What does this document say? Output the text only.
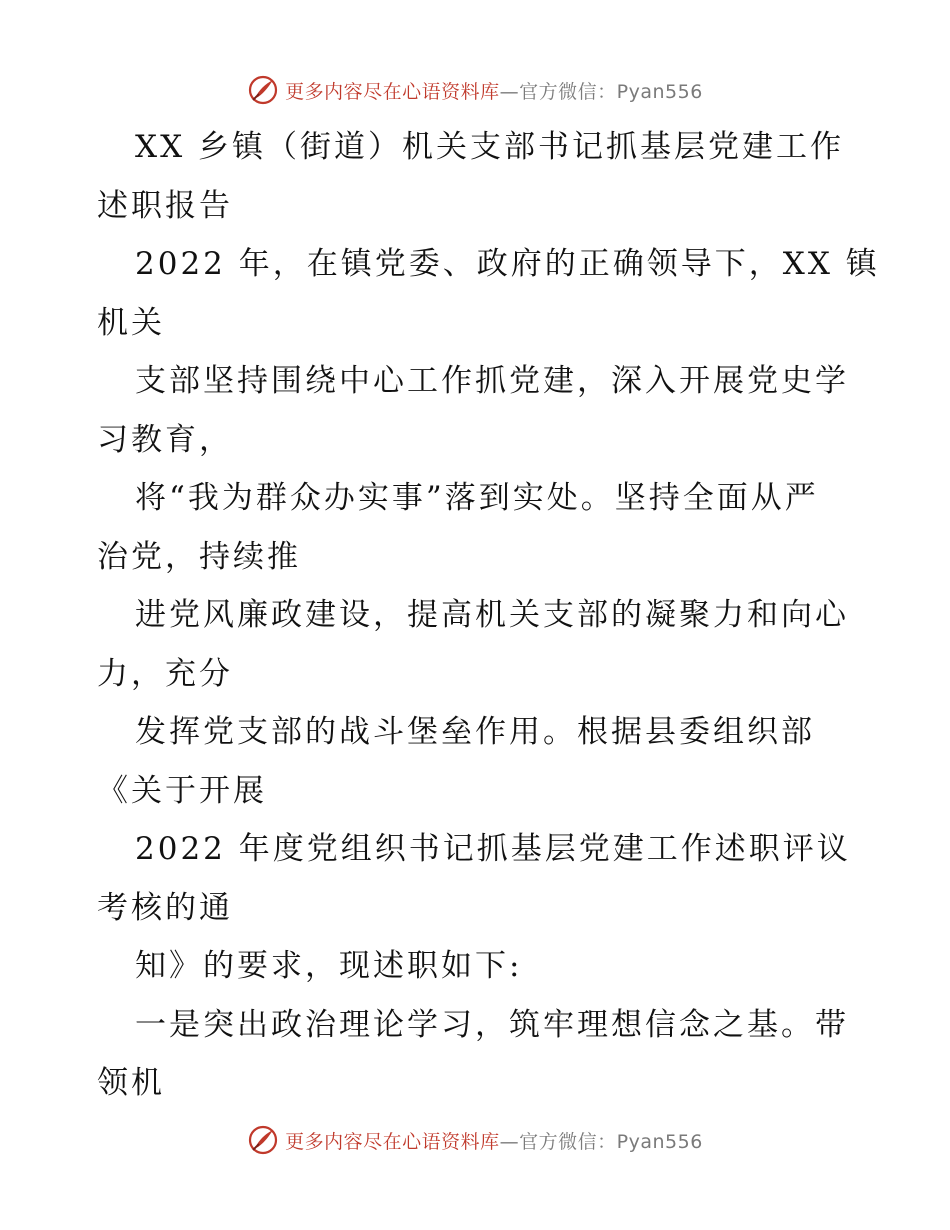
更多内容尽在心语资料库—官方微信：Pyan556
XX 乡镇（街道）机关支部书记抓基层党建工作
述职报告
2022 年，在镇党委、政府的正确领导下，XX 镇
机关
支部坚持围绕中心工作抓党建，深入开展党史学
习教育，
将“我为群众办实事”落到实处。坚持全面从严
治党，持续推
进党风廉政建设，提高机关支部的凝聚力和向心
力，充分
发挥党支部的战斗堡垒作用。根据县委组织部
《关于开展
2022 年度党组织书记抓基层党建工作述职评议
考核的通
知》的要求，现述职如下:
一是突出政治理论学习，筑牢理想信念之基。带
领机
更多内容尽在心语资料库—官方微信：Pyan556
